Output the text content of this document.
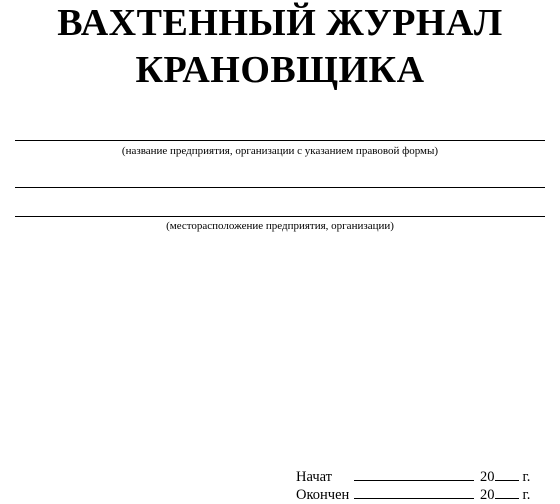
ВАХТЕННЫЙ ЖУРНАЛ
КРАНОВЩИКА
(название предприятия, организации с указанием правовой формы)
(месторасположение предприятия, организации)
Начат	20 г.
Окончен	20 г.
